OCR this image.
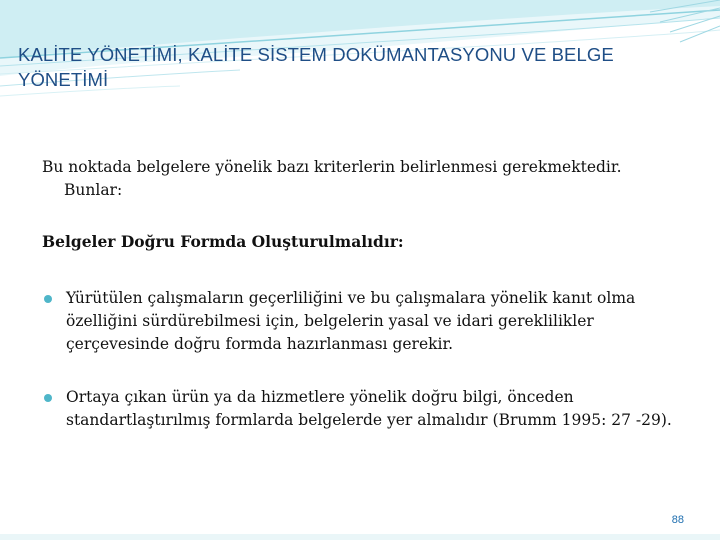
KALİTE YÖNETİMİ, KALİTE SİSTEM DOKÜMANTASYONU VE BELGE YÖNETİMİ

Bu noktada belgelere yönelik bazı kriterlerin belirlenmesi gerekmektedir.
Bunlar:

Belgeler Doğru Formda Oluşturulmalıdır:

Yürütülen çalışmaların geçerliliğini ve bu çalışmalara yönelik kanıt olma özelliğini sürdürebilmesi için, belgelerin yasal ve idari gereklilikler çerçevesinde doğru formda hazırlanması gerekir.
Ortaya çıkan ürün ya da hizmetlere yönelik doğru bilgi, önceden standartlaştırılmış formlarda belgelerde yer almalıdır (Brumm 1995: 27 -29).
88
